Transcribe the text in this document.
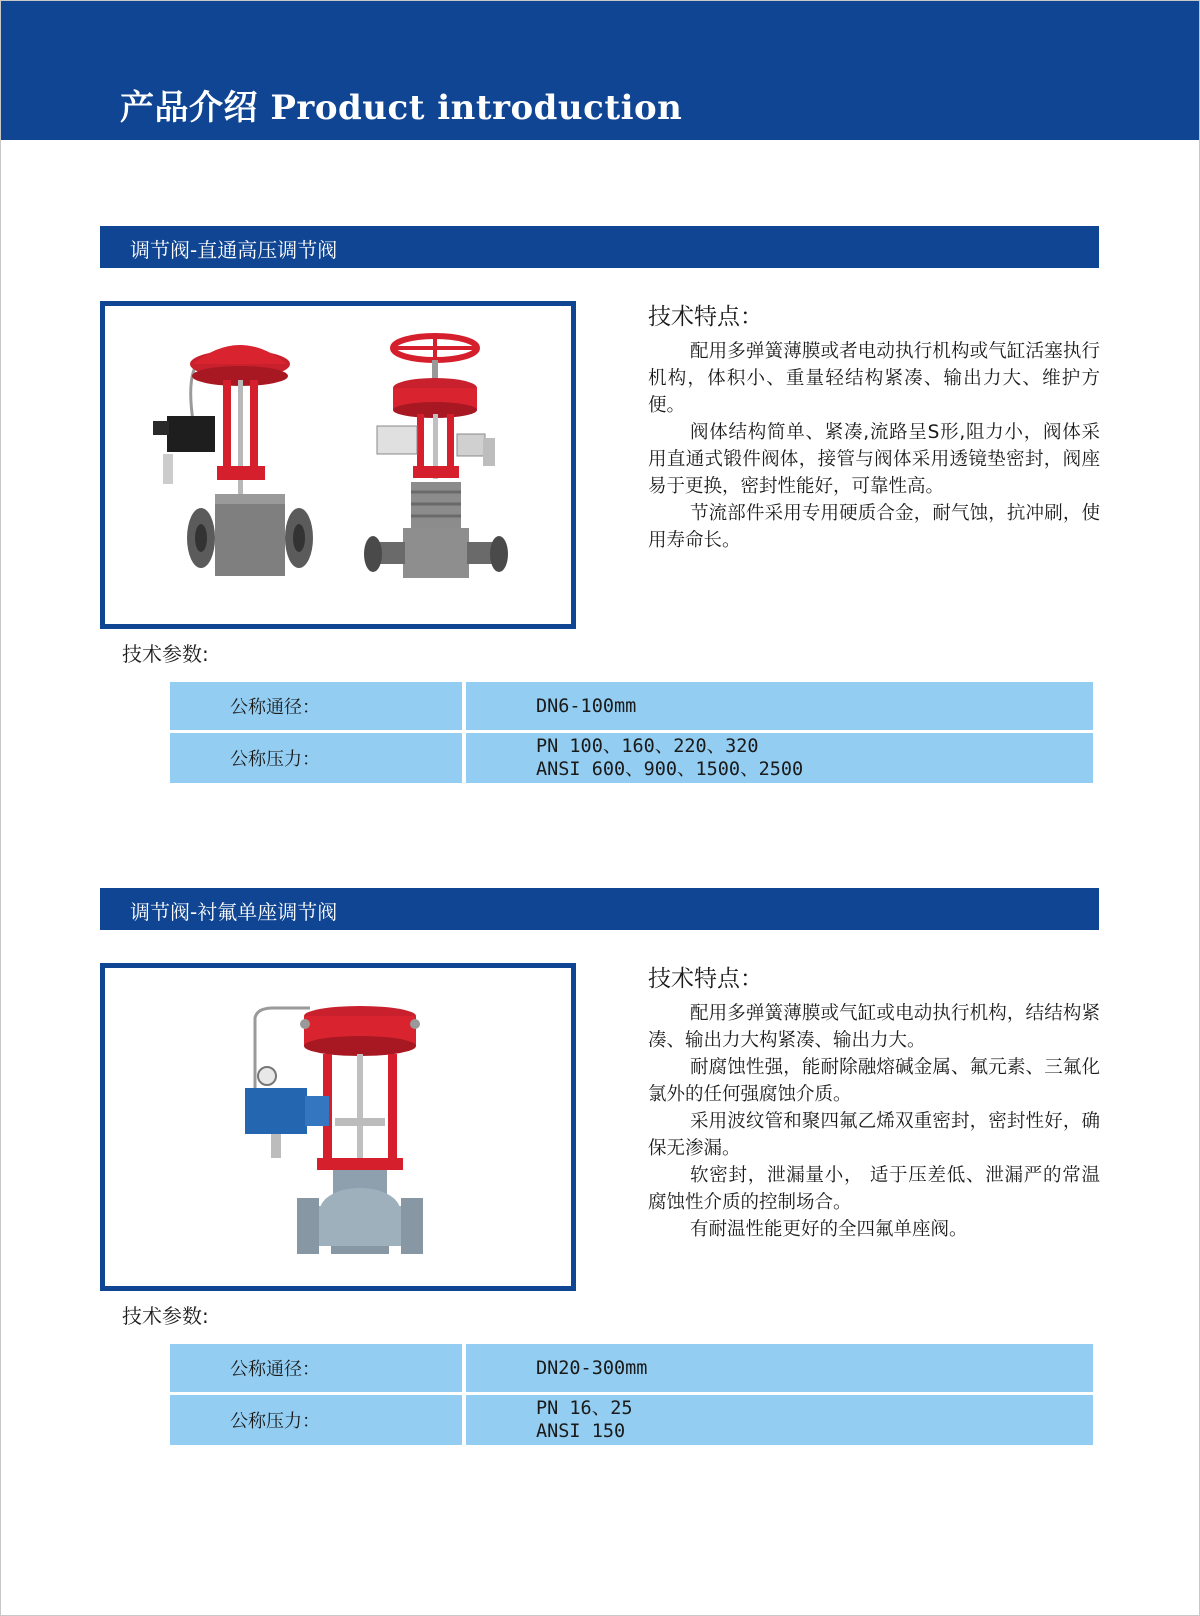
产品介绍 Product introduction
调节阀-直通高压调节阀
技术特点：

配用多弹簧薄膜或者电动执行机构或气缸活塞执行机构，体积小、重量轻结构紧凑、输出力大、维护方便。

阀体结构简单、紧凑,流路呈S形,阻力小，阀体采用直通式锻件阀体，接管与阀体采用透镜垫密封，阀座易于更换，密封性能好，可靠性高。

节流部件采用专用硬质合金，耐气蚀，抗冲刷，使用寿命长。

技术参数:
公称通径：	DN6-100mm
公称压力：
PN 100、160、220、320
ANSI 600、900、1500、2500
调节阀-衬氟单座调节阀
技术特点：

配用多弹簧薄膜或气缸或电动执行机构，结结构紧凑、输出力大构紧凑、输出力大。

耐腐蚀性强，能耐除融熔碱金属、氟元素、三氟化氯外的任何强腐蚀介质。

采用波纹管和聚四氟乙烯双重密封，密封性好，确保无渗漏。

软密封，泄漏量小， 适于压差低、泄漏严的常温腐蚀性介质的控制场合。

有耐温性能更好的全四氟单座阀。

技术参数:
公称通径：	DN20-300mm
公称压力：
PN 16、25
ANSI 150
